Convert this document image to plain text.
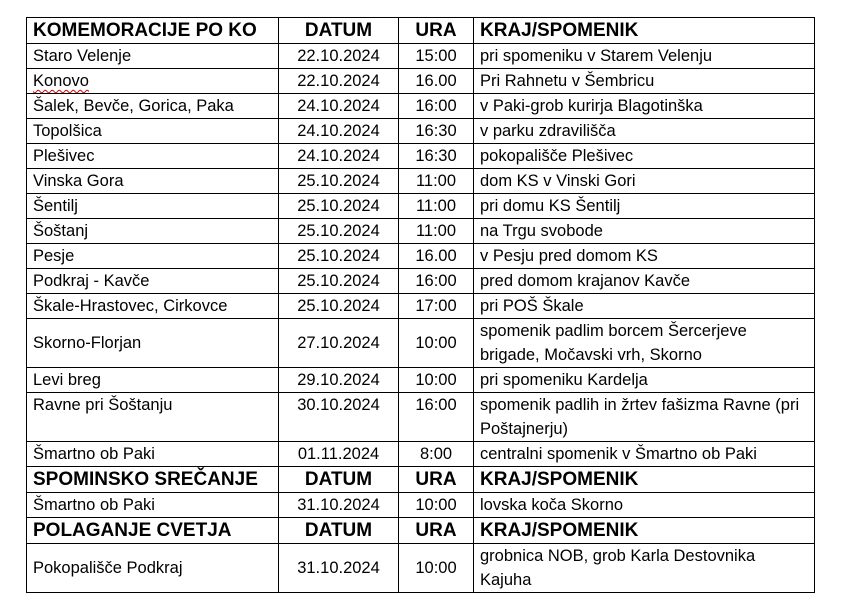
KOMEMORACIJE PO KO	DATUM	URA	KRAJ/SPOMENIK
Staro Velenje	22.10.2024	15:00	pri spomeniku v Starem Velenju
Konovo	22.10.2024	16.00	Pri Rahnetu v Šembricu
Šalek, Bevče, Gorica, Paka	24.10.2024	16:00	v Paki-grob kurirja Blagotinška
Topolšica	24.10.2024	16:30	v parku zdravilišča
Plešivec	24.10.2024	16:30	pokopališče Plešivec
Vinska Gora	25.10.2024	11:00	dom KS v Vinski Gori
Šentilj	25.10.2024	11:00	pri domu KS Šentilj
Šoštanj	25.10.2024	11:00	na Trgu svobode
Pesje	25.10.2024	16.00	v Pesju pred domom KS
Podkraj - Kavče	25.10.2024	16:00	pred domom krajanov Kavče
Škale-Hrastovec, Cirkovce	25.10.2024	17:00	pri POŠ Škale
Skorno-Florjan	27.10.2024	10:00	spomenik padlim borcem Šercerjeve brigade, Močavski vrh, Skorno
Levi breg	29.10.2024	10:00	pri spomeniku Kardelja
Ravne pri Šoštanju	30.10.2024	16:00	spomenik padlih in žrtev fašizma Ravne (pri Poštajnerju)
Šmartno ob Paki	01.11.2024	8:00	centralni spomenik v Šmartno ob Paki
SPOMINSKO SREČANJE	DATUM	URA	KRAJ/SPOMENIK
Šmartno ob Paki	31.10.2024	10:00	lovska koča Skorno
POLAGANJE CVETJA	DATUM	URA	KRAJ/SPOMENIK
Pokopališče Podkraj	31.10.2024	10:00	grobnica NOB, grob Karla Destovnika Kajuha
